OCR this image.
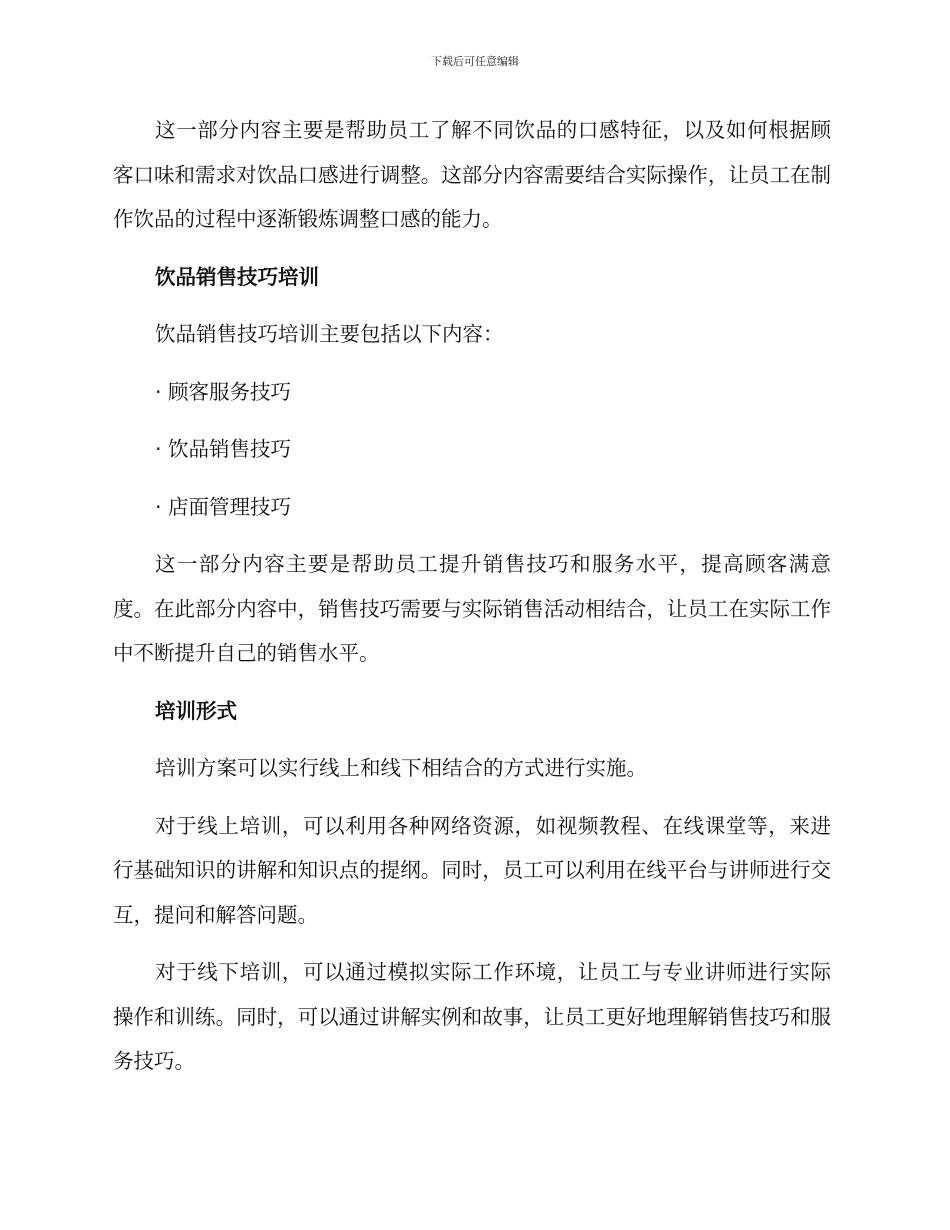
下载后可任意编辑

这一部分内容主要是帮助员工了解不同饮品的口感特征，以及如何根据顾客口味和需求对饮品口感进行调整。这部分内容需要结合实际操作，让员工在制作饮品的过程中逐渐锻炼调整口感的能力。

饮品销售技巧培训

饮品销售技巧培训主要包括以下内容：

· 顾客服务技巧

· 饮品销售技巧

· 店面管理技巧

这一部分内容主要是帮助员工提升销售技巧和服务水平，提高顾客满意度。在此部分内容中，销售技巧需要与实际销售活动相结合，让员工在实际工作中不断提升自己的销售水平。

培训形式

培训方案可以实行线上和线下相结合的方式进行实施。

对于线上培训，可以利用各种网络资源，如视频教程、在线课堂等，来进行基础知识的讲解和知识点的提纲。同时，员工可以利用在线平台与讲师进行交互，提问和解答问题。

对于线下培训，可以通过模拟实际工作环境，让员工与专业讲师进行实际操作和训练。同时，可以通过讲解实例和故事，让员工更好地理解销售技巧和服务技巧。
